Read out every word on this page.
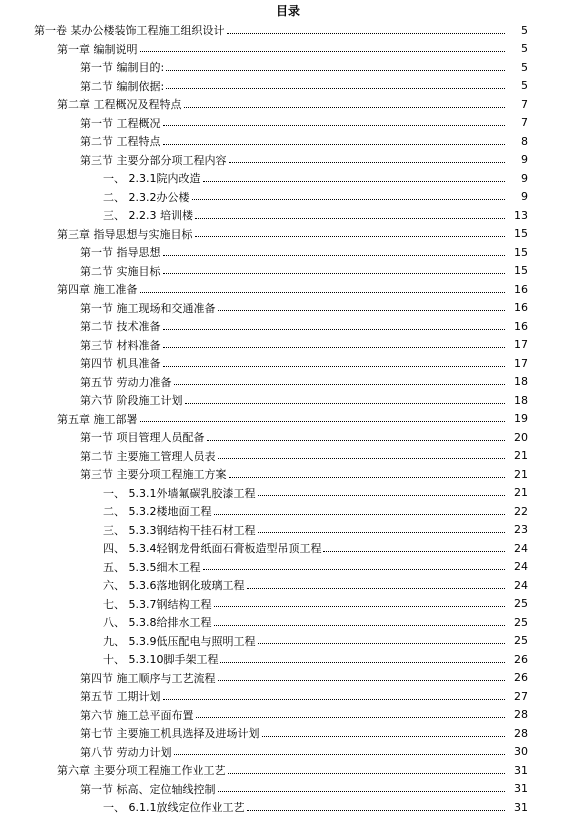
目录
第一卷 某办公楼装饰工程施工组织设计	5
第一章 编制说明	5
第一节 编制目的:	5
第二节 编制依据:	5
第二章 工程概况及程特点	7
第一节 工程概况	7
第二节 工程特点	8
第三节 主要分部分项工程内容	9
一、 2.3.1院内改造	9
二、 2.3.2办公楼	9
三、 2.2.3 培训楼	13
第三章 指导思想与实施目标	15
第一节 指导思想	15
第二节 实施目标	15
第四章 施工准备	16
第一节 施工现场和交通准备	16
第二节 技术准备	16
第三节 材料准备	17
第四节 机具准备	17
第五节 劳动力准备	18
第六节 阶段施工计划	18
第五章 施工部署	19
第一节 项目管理人员配备	20
第二节 主要施工管理人员表	21
第三节 主要分项工程施工方案	21
一、 5.3.1外墙氟碳乳胶漆工程	21
二、 5.3.2楼地面工程	22
三、 5.3.3钢结构干挂石材工程	23
四、 5.3.4轻钢龙骨纸面石膏板造型吊顶工程	24
五、 5.3.5细木工程	24
六、 5.3.6落地钢化玻璃工程	24
七、 5.3.7钢结构工程	25
八、 5.3.8给排水工程	25
九、 5.3.9低压配电与照明工程	25
十、 5.3.10脚手架工程	26
第四节 施工顺序与工艺流程	26
第五节 工期计划	27
第六节 施工总平面布置	28
第七节 主要施工机具选择及进场计划	28
第八节 劳动力计划	30
第六章 主要分项工程施工作业工艺	31
第一节 标高、定位轴线控制	31
一、 6.1.1放线定位作业工艺	31
